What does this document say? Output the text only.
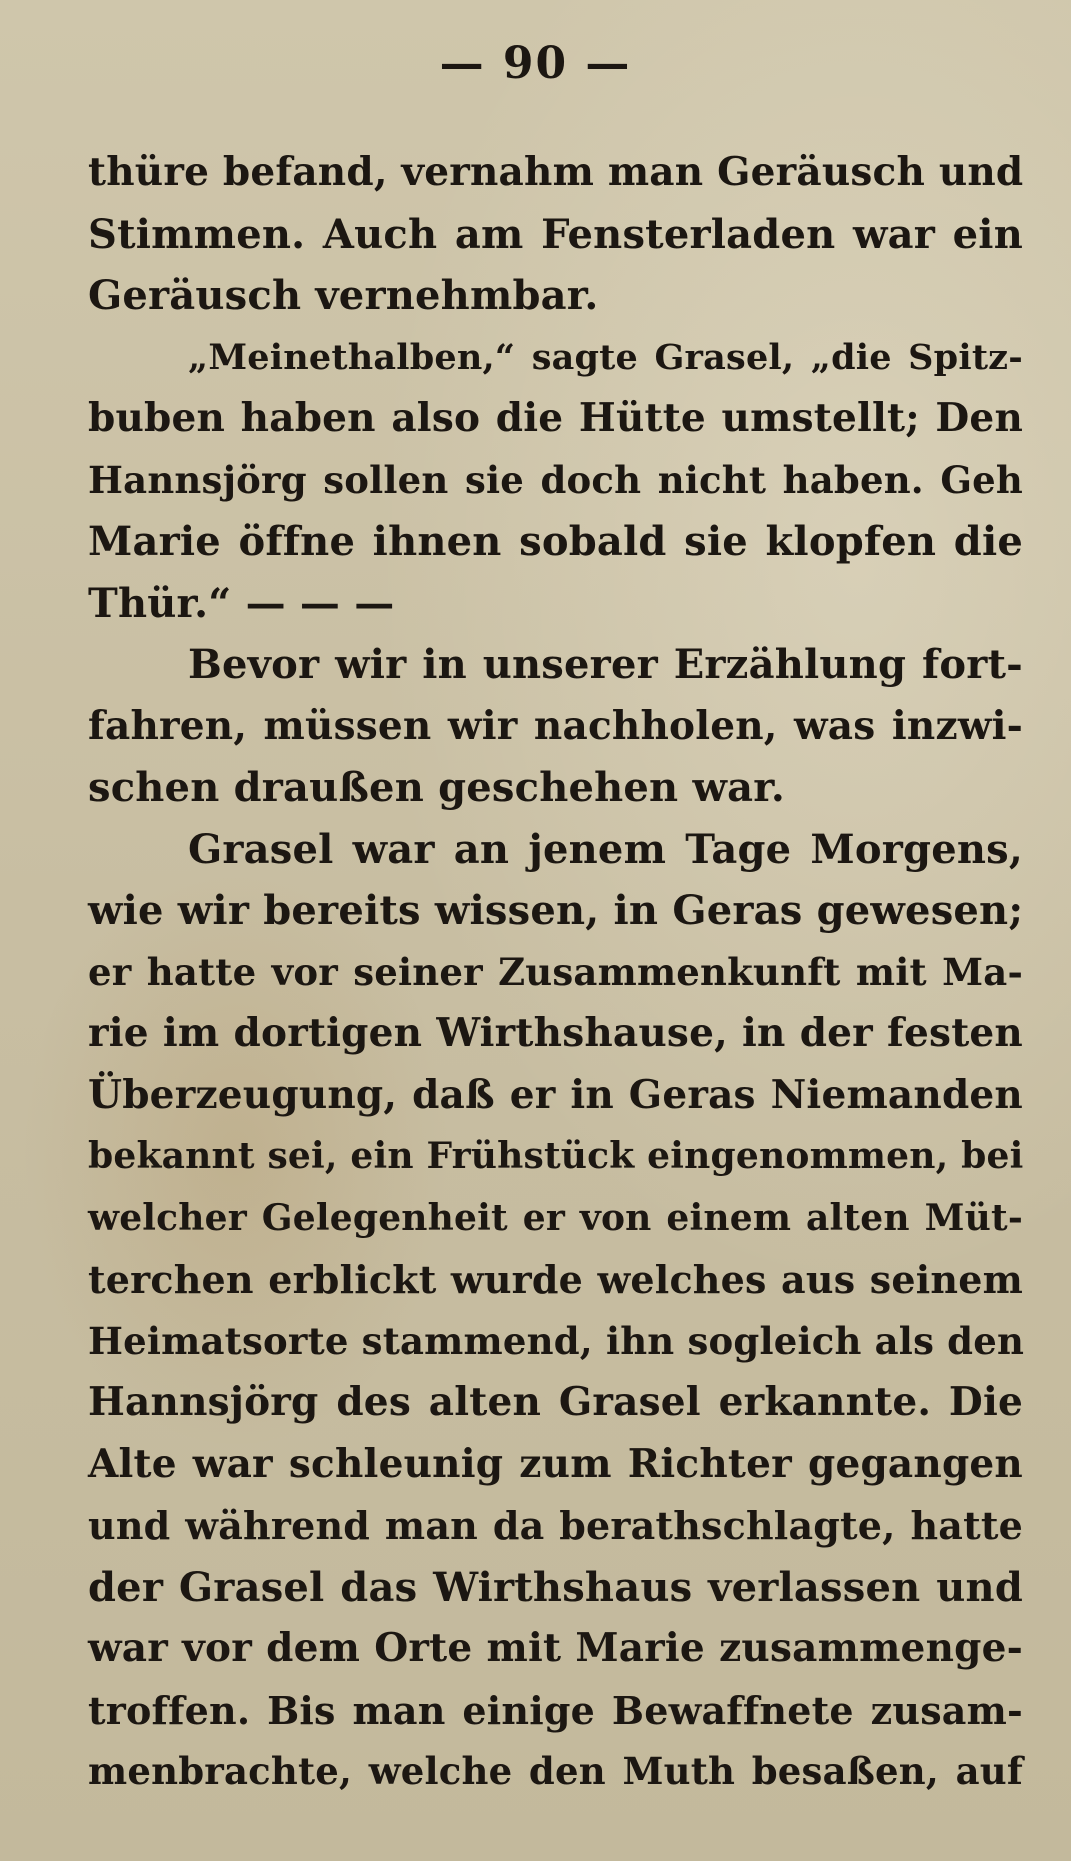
— 90 —
thüre befand, vernahm man Geräusch und
Stimmen. Auch am Fensterladen war ein
Geräusch vernehmbar.
„Meinethalben,“ sagte Grasel, „die Spitz-
buben haben also die Hütte umstellt; Den
Hannsjörg sollen sie doch nicht haben. Geh
Marie öffne ihnen sobald sie klopfen die
Thür.“ — — —
Bevor wir in unserer Erzählung fort-
fahren, müssen wir nachholen, was inzwi-
schen draußen geschehen war.
Grasel war an jenem Tage Morgens,
wie wir bereits wissen, in Geras gewesen;
er hatte vor seiner Zusammenkunft mit Ma-
rie im dortigen Wirthshause, in der festen
Überzeugung, daß er in Geras Niemanden
bekannt sei, ein Frühstück eingenommen, bei
welcher Gelegenheit er von einem alten Müt-
terchen erblickt wurde welches aus seinem
Heimatsorte stammend, ihn sogleich als den
Hannsjörg des alten Grasel erkannte. Die
Alte war schleunig zum Richter gegangen
und während man da berathschlagte, hatte
der Grasel das Wirthshaus verlassen und
war vor dem Orte mit Marie zusammenge-
troffen. Bis man einige Bewaffnete zusam-
menbrachte, welche den Muth besaßen, auf
